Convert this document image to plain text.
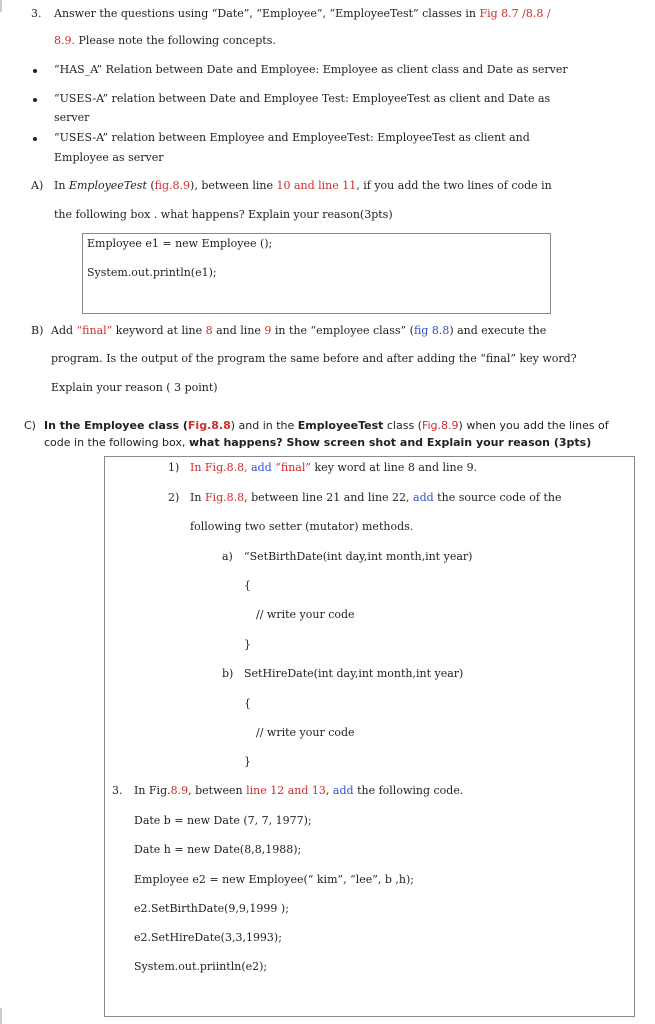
3. Answer the questions using “Date”, “Employee”, “EmployeeTest” classes in Fig 8.7 /8.8 /
8.9. Please note the following concepts.
“HAS_A” Relation between Date and Employee: Employee as client class and Date as server
“USES-A” relation between Date and Employee Test: EmployeeTest as client and Date as
server
“USES-A” relation between Employee and EmployeeTest: EmployeeTest as client and
Employee as server
A) In EmployeeTest (fig.8.9), between line 10 and line 11, if you add the two lines of code in
the following box . what happens? Explain your reason(3pts)
Employee e1 = new Employee ();
System.out.println(e1);
B) Add “final” keyword at line 8 and line 9 in the “employee class” (fig 8.8) and execute the
program. Is the output of the program the same before and after adding the “final” key word?
Explain your reason ( 3 point)
C) In the Employee class (Fig.8.8) and in the EmployeeTest class (Fig.8.9) when you add the lines of
code in the following box, what happens? Show screen shot and Explain your reason (3pts)
1) In Fig.8.8, add “final” key word at line 8 and line 9.
2) In Fig.8.8, between line 21 and line 22, add the source code of the
following two setter (mutator) methods.
a) “SetBirthDate(int day,int month,int year)
{
// write your code
}
b) SetHireDate(int day,int month,int year)
{
// write your code
}
3. In Fig.8.9, between line 12 and 13, add the following code.
Date b = new Date (7, 7, 1977);
Date h = new Date(8,8,1988);
Employee e2 = new Employee(“ kim”, “lee”, b ,h);
e2.SetBirthDate(9,9,1999 );
e2.SetHireDate(3,3,1993);
System.out.priintln(e2);
